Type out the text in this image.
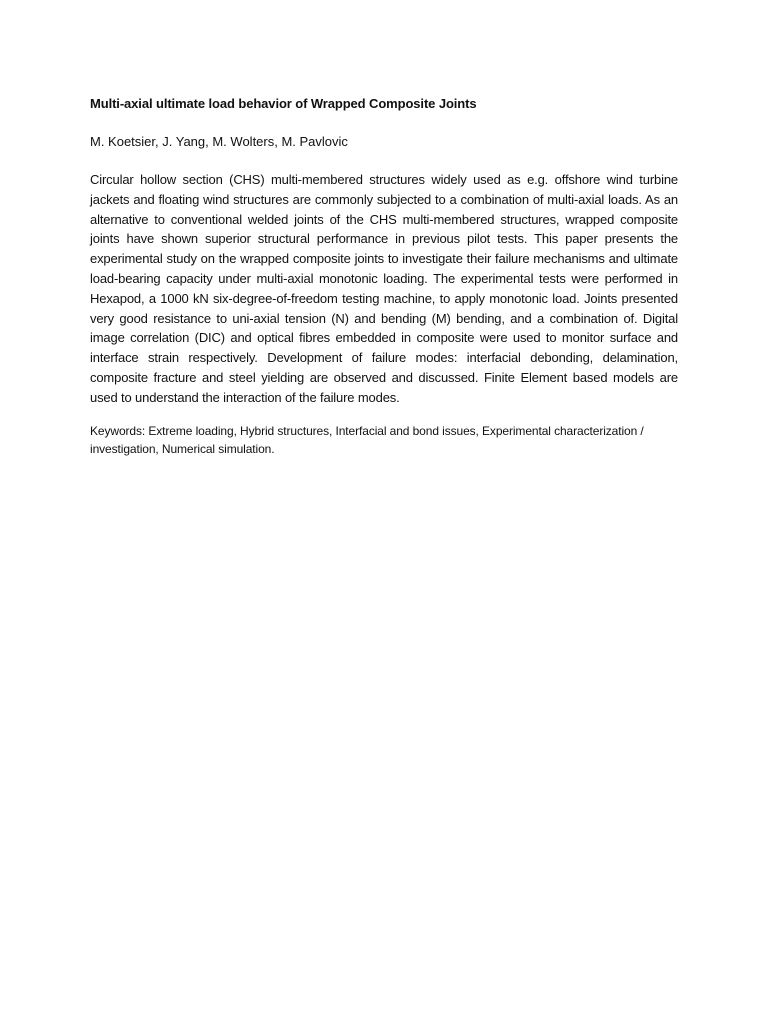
Multi-axial ultimate load behavior of Wrapped Composite Joints

M. Koetsier, J. Yang, M. Wolters, M. Pavlovic

Circular hollow section (CHS) multi-membered structures widely used as e.g. offshore wind turbine jackets and floating wind structures are commonly subjected to a combination of multi-axial loads. As an alternative to conventional welded joints of the CHS multi-membered structures, wrapped composite joints have shown superior structural performance in previous pilot tests. This paper presents the experimental study on the wrapped composite joints to investigate their failure mechanisms and ultimate load-bearing capacity under multi-axial monotonic loading. The experimental tests were performed in Hexapod, a 1000 kN six-degree-of-freedom testing machine, to apply monotonic load. Joints presented very good resistance to uni-axial tension (N) and bending (M) bending, and a combination of. Digital image correlation (DIC) and optical fibres embedded in composite were used to monitor surface and interface strain respectively. Development of failure modes: interfacial debonding, delamination, composite fracture and steel yielding are observed and discussed. Finite Element based models are used to understand the interaction of the failure modes.

Keywords: Extreme loading, Hybrid structures, Interfacial and bond issues, Experimental characterization / investigation, Numerical simulation.
